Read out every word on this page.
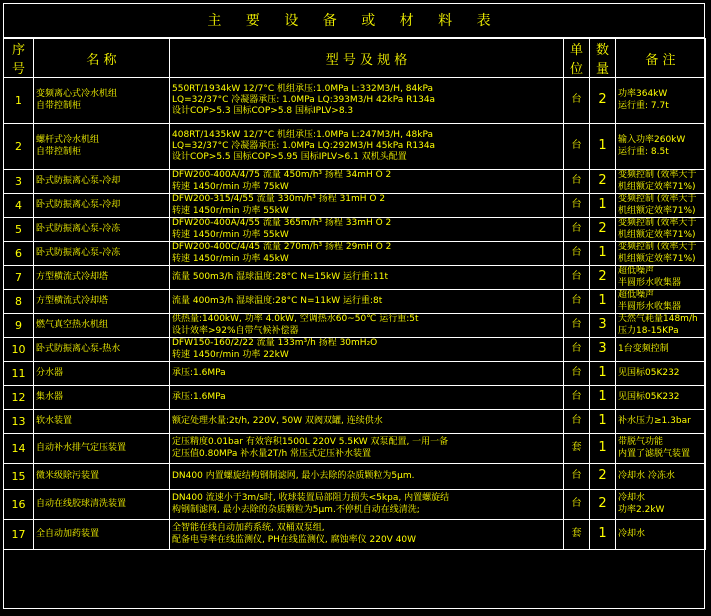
主 要 设 备 或 材 料 表
序号	名 称	型 号 及 规 格	单位	数量	备 注
1	变频离心式冷水机组
自带控制柜	550RT/1934kW 12/7°C 机组承压:1.0MPa L:332M3/H, 84kPa
LQ=32/37°C 冷凝器承压: 1.0MPa LQ:393M3/H 42kPa R134a
设计COP>5.3 国标COP>5.8 国标IPLV>8.3	台	2	功率364kW
运行重: 7.7t

2	螺杆式冷水机组
自带控制柜	408RT/1435kW 12/7°C 机组承压:1.0MPa L:247M3/H, 48kPa
LQ=32/37°C 冷凝器承压: 1.0MPa LQ:292M3/H 45kPa R134a
设计COP>5.5 国标COP>5.95 国标IPLV>6.1 双机头配置	台	1	输入功率260kW
运行重: 8.5t

3	卧式防振离心泵-冷却	DFW200-400A/4/75 流量 450m/h³ 扬程 34mH O 2
转速 1450r/min 功率 75kW	台	2	变频控制 (效率大于
机组额定效率71%)

4	卧式防振离心泵-冷却	DFW200-315/4/55 流量 330m/h³ 扬程 31mH O 2
转速 1450r/min 功率 55kW	台	1	变频控制 (效率大于
机组额定效率71%)

5	卧式防振离心泵-冷冻	DFW200-400A/4/55 流量 365m/h³ 扬程 33mH O 2
转速 1450r/min 功率 55kW	台	2	变频控制 (效率大于
机组额定效率71%)

6	卧式防振离心泵-冷冻	DFW200-400C/4/45 流量 270m/h³ 扬程 29mH O 2
转速 1450r/min 功率 45kW	台	1	变频控制 (效率大于
机组额定效率71%)

7	方型横流式冷却塔	流量 500m3/h 湿球温度:28°C N=15kW 运行重:11t	台	2	超低噪声
半圆形水收集器

8	方型横流式冷却塔	流量 400m3/h 湿球温度:28°C N=11kW 运行重:8t	台	1	超低噪声
半圆形水收集器

9	燃气真空热水机组	供热量:1400kW, 功率 4.0kW, 空调热水60~50℃ 运行重:5t
设计效率>92%自带气候补偿器	台	3	天然气耗量148m/h
压力18-15KPa

10	卧式防振离心泵-热水	DFW150-160/2/22 流量 133m³/h 扬程 30mH₂O
转速 1450r/min 功率 22kW	台	3	1台变频控制

11	分水器	承压:1.6MPa	台	1	见国标05K232

12	集水器	承压:1.6MPa	台	1	见国标05K232

13	软水装置	额定处理水量:2t/h, 220V, 50W 双阀双罐, 连续供水	台	1	补水压力≥1.3bar

14	自动补水排气定压装置	定压精度0.01bar 有效容积1500L 220V 5.5KW 双泵配置, 一用一备
定压值0.80MPa 补水量2T/h 常压式定压补水装置	套	1	带脱气功能
内置了滤脱气装置

15	微米级除污装置	DN400 内置螺旋结构钢制滤网, 最小去除的杂质颗粒为5μm.	台	2	冷却水 冷冻水

16	自动在线胶球清洗装置	DN400 流速小于3m/s时, 收球装置局部阻力损失<5kpa, 内置螺旋结
构钢制滤网, 最小去除的杂质颗粒为5μm.不停机自动在线清洗;	台	2	冷却水
功率2.2kW

17	全自动加药装置	全智能在线自动加药系统, 双桶双泵组,
配备电导率在线监测仪, PH在线监测仪, 腐蚀率仪 220V 40W	套	1	冷却水
